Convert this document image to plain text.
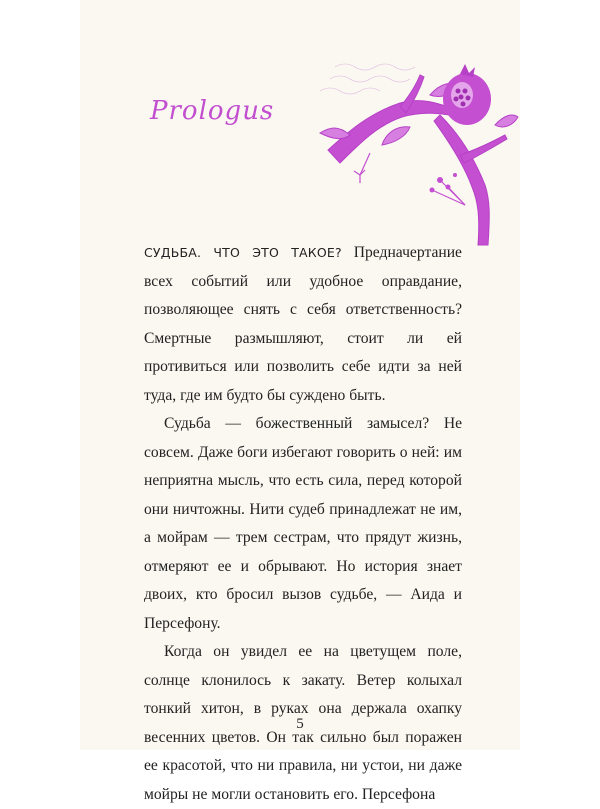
Prologus

СУДЬБА. ЧТО ЭТО ТАКОЕ? Предначертание всех событий или удобное оправдание, позволяющее снять с себя ответственность? Смертные размышляют, стоит ли ей противиться или позволить себе идти за ней туда, где им будто бы суждено быть.

Судьба — божественный замысел? Не совсем. Даже боги избегают говорить о ней: им неприятна мысль, что есть сила, перед которой они ничтожны. Нити судеб принадлежат не им, а мойрам — трем сестрам, что прядут жизнь, отмеряют ее и обрывают. Но история знает двоих, кто бросил вызов судьбе, — Аида и Персефону.

Когда он увидел ее на цветущем поле, солнце клонилось к закату. Ветер колыхал тонкий хитон, в руках она держала охапку весенних цветов. Он так сильно был поражен ее красотой, что ни правила, ни устои, ни даже мойры не могли остановить его. Персефона

5
